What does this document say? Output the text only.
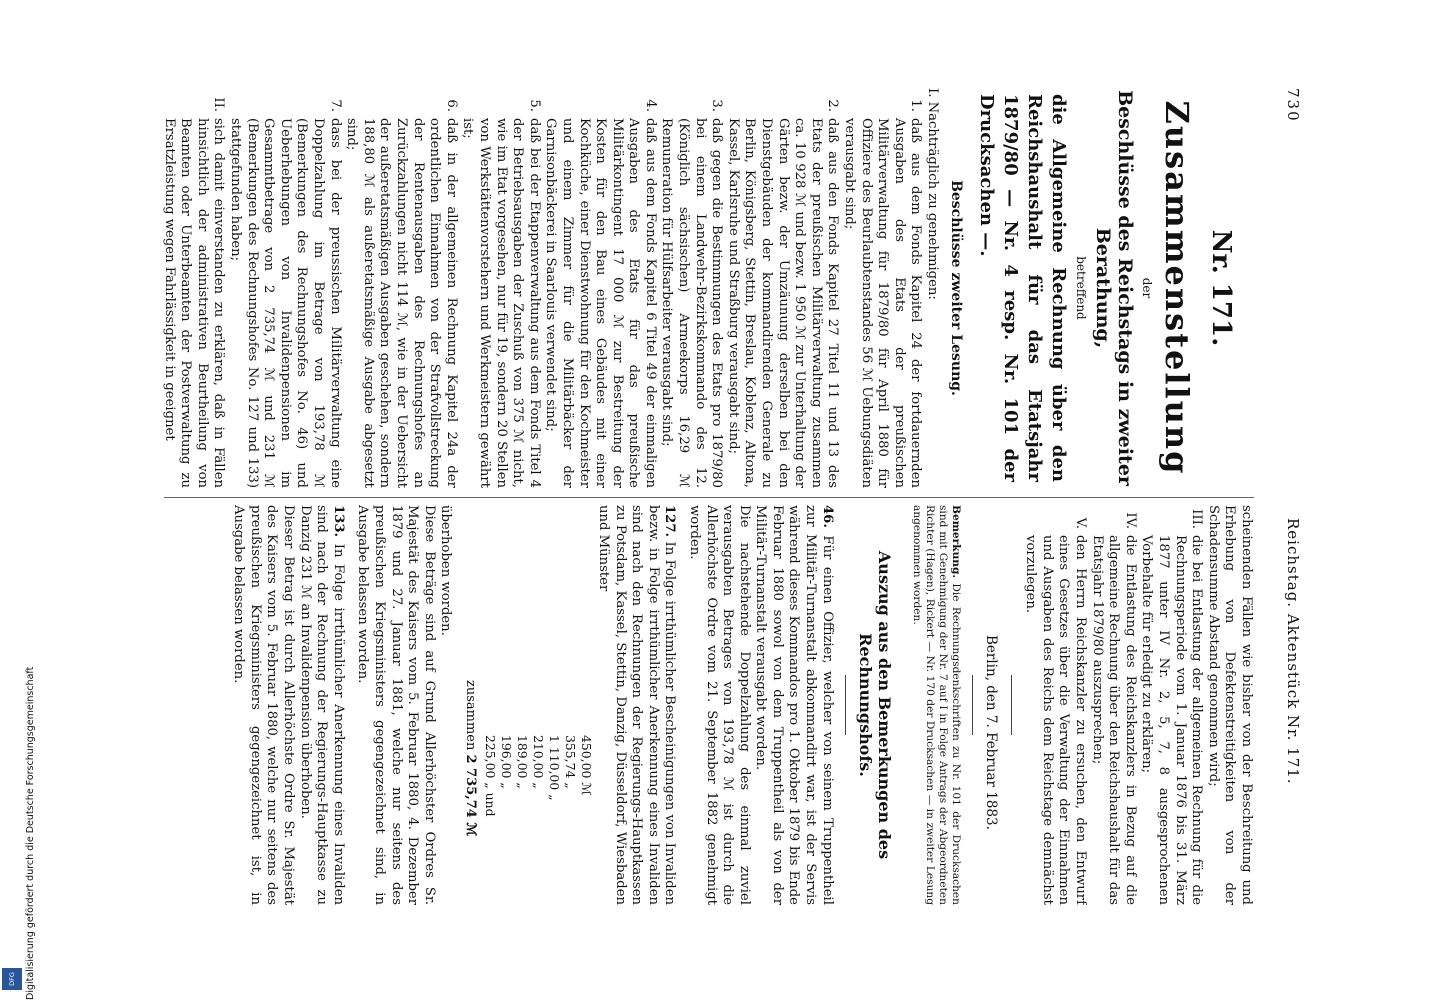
Digitalisierung gefördert durch die Deutsche Forschungsgemeinschaft
DFG
730
Reichstag. Aktenstück Nr. 171.
Nr. 171.
Zusammenstellung
der
Beschlüsse des Reichstags in zweiter Berathung,
betreffend
die Allgemeine Rechnung über den Reichshaushalt für das Etatsjahr 1879/80 — Nr. 4 resp. Nr. 101 der Drucksachen —.
Beschlüsse zweiter Lesung.

I. Nachträglich zu genehmigen:

1.

daß aus dem Fonds Kapitel 24 der fortdauernden Ausgaben des Etats der preußischen Militärverwaltung für 1879/80 für April 1880 für Offiziere des Beurlaubtenstandes 56 ℳ Uebungsdiäten verausgabt sind;

2.

daß aus den Fonds Kapitel 27 Titel 11 und 13 des Etats der preußischen Militärverwaltung zusammen ca. 10 928 ℳ und bezw. 1 950 ℳ zur Unterhaltung der Gärten bezw. der Umzäunung derselben bei den Dienstgebäuden der kommandirenden Generale zu Berlin, Königsberg, Stettin, Breslau, Koblenz, Altona, Kassel, Karlsruhe und Straßburg verausgabt sind;

3.

daß gegen die Bestimmungen des Etats pro 1879/80 bei einem Landwehr-Bezirkskommando des 12. (Königlich sächsischen) Armeekorps 16,29 ℳ Remuneration für Hülfsarbeiter verausgabt sind;

4.

daß aus dem Fonds Kapitel 6 Titel 49 der einmaligen Ausgaben des Etats für das preußische Militärkontingent 17 000 ℳ zur Bestreitung der Kosten für den Bau eines Gebäudes mit einer Kochküche, einer Dienstwohnung für den Kochmeister und einem Zimmer für die Militärbäcker der Garnisonbäckerei in Saarlouis verwendet sind;

5.

daß bei der Etappenverwaltung aus dem Fonds Titel 4 der Betriebsausgaben der Zuschuß von 375 ℳ nicht, wie im Etat vorgesehen, nur für 19, sondern 20 Stellen von Werkstättenvorstehern und Werkmeistern gewährt ist;

6.

daß in der allgemeinen Rechnung Kapitel 24a der ordentlichen Einnahmen von der Strafvollstreckung der Rentenausgaben des Rechnungshofes an Zurückzahlungen nicht 114 ℳ, wie in der Uebersicht der außeretatsmäßigen Ausgaben geschehen, sondern 188,80 ℳ als außeretatsmäßige Ausgabe abgesetzt sind;

7.

dass bei der preussischen Militärverwaltung eine Doppelzahlung im Betrage von 193,78 ℳ (Bemerkungen des Rechnungshofes No. 46) und Ueberhebungen von Invalidenpensionen im Gesammtbetrage von 2 735,74 ℳ und 231 ℳ (Bemerkungen des Rechnungshofes No. 127 und 133) stattgefunden haben;

II.

sich damit einverstanden zu erklären, daß in Fällen hinsichtlich der administrativen Beurtheilung von Beamten oder Unterbeamten der Postverwaltung zu Ersatzleistung wegen Fahrlässigkeit in geeignet

scheinenden Fällen wie bisher von der Beschreitung und Erhebung von Defektenstreitigkeiten von der Schadensumme Abstand genommen wird;

III.

die bei Entlastung der allgemeinen Rechnung für die Rechnungsperiode vom 1. Januar 1876 bis 31. März 1877 unter IV Nr. 2, 5, 7, 8 ausgesprochenen Vorbehalte für erledigt zu erklären;

IV.

die Entlastung des Reichskanzlers in Bezug auf die allgemeine Rechnung über den Reichshaushalt für das Etatsjahr 1879/80 auszusprechen;

V.

den Herrn Reichskanzler zu ersuchen, den Entwurf eines Gesetzes über die Verwaltung der Einnahmen und Ausgaben des Reichs dem Reichstage demnächst vorzulegen.

Berlin, den 7. Februar 1883.
Bemerkung. Die Rechnungsdenkschriften zu Nr. 101 der Drucksachen sind mit Genehmigung der Nr. 7 auf I in Folge Antrags der Abgeordneten Richter (Hagen), Rickert — Nr. 170 der Drucksachen — in zweiter Lesung angenommen worden.
Auszug aus den Bemerkungen des Rechnungshofs.

46. Für einen Offizier, welcher von seinem Truppentheil zur Militär-Turnanstalt abkommandirt war, ist der Servis während dieses Kommandos pro 1. Oktober 1879 bis Ende Februar 1880 sowol von dem Truppentheil als von der Militär-Turnanstalt verausgabt worden.

Die nachstehende Doppelzahlung des einmal zuviel verausgabten Betrages von 193,78 ℳ ist durch die Allerhöchste Ordre vom 21. September 1882 genehmigt worden.

127. In Folge irrthümlicher Bescheinigungen von Invaliden bezw. in Folge irrthümlicher Anerkennung eines Invaliden sind nach den Rechnungen der Regierungs-Hauptkassen zu Potsdam, Kassel, Stettin, Danzig, Düsseldorf, Wiesbaden und Münster

450,00 ℳ
355,74 „
1 110,00 „
210,00 „
189,00 „
196,00 „
225,00 „ und
zusammen 2 735,74 ℳ

überhoben worden.

Diese Beträge sind auf Grund Allerhöchster Ordres Sr. Majestät des Kaisers vom 5. Februar 1880, 4. Dezember 1879 und 27. Januar 1881, welche nur seitens des preußischen Kriegsministers gegengezeichnet sind, in Ausgabe belassen worden.

133. In Folge irrthümlicher Anerkennung eines Invaliden sind nach der Rechnung der Regierungs-Hauptkasse zu Danzig 231 ℳ an Invalidenpension überhoben.

Dieser Betrag ist durch Allerhöchste Ordre Sr. Majestät des Kaisers vom 5. Februar 1880, welche nur seitens des preußischen Kriegsministers gegengezeichnet ist, in Ausgabe belassen worden.
